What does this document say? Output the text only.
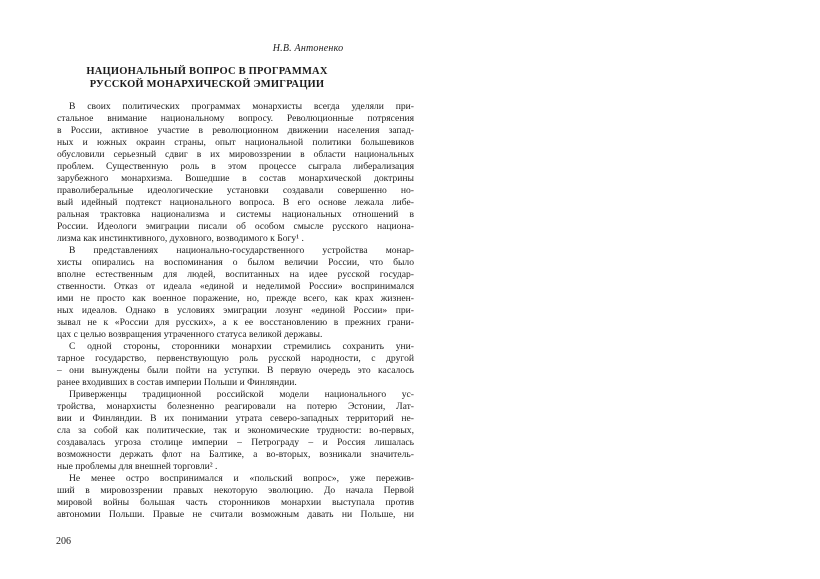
Н.В. Антоненко
НАЦИОНАЛЬНЫЙ ВОПРОС В ПРОГРАММАХ
РУССКОЙ МОНАРХИЧЕСКОЙ ЭМИГРАЦИИ
В своих политических программах монархисты всегда уделяли при-
стальное внимание национальному вопросу. Революционные потрясения
в России, активное участие в революционном движении населения запад-
ных и южных окраин страны, опыт национальной политики большевиков
обусловили серьезный сдвиг в их мировоззрении в области национальных
проблем. Существенную роль в этом процессе сыграла либерализация
зарубежного монархизма. Вошедшие в состав монархической доктрины
праволиберальные идеологические установки создавали совершенно но-
вый идейный подтекст национального вопроса. В его основе лежала либе-
ральная трактовка национализма и системы национальных отношений в
России. Идеологи эмиграции писали об особом смысле русского национа-
лизма как инстинктивного, духовного, возводимого к Богу¹ .
В представлениях национально-государственного устройства монар-
хисты опирались на воспоминания о былом величии России, что было
вполне естественным для людей, воспитанных на идее русской государ-
ственности. Отказ от идеала «единой и неделимой России» воспринимался
ими не просто как военное поражение, но, прежде всего, как крах жизнен-
ных идеалов. Однако в условиях эмиграции лозунг «единой России» при-
зывал не к «России для русских», а к ее восстановлению в прежних грани-
цах с целью возвращения утраченного статуса великой державы.
С одной стороны, сторонники монархии стремились сохранить уни-
тарное государство, первенствующую роль русской народности, с другой
– они вынуждены были пойти на уступки. В первую очередь это касалось
ранее входивших в состав империи Польши и Финляндии.
Приверженцы традиционной российской модели национального ус-
тройства, монархисты болезненно реагировали на потерю Эстонии, Лат-
вии и Финляндии. В их понимании утрата северо-западных территорий не-
сла за собой как политические, так и экономические трудности: во-первых,
создавалась угроза столице империи – Петрограду – и Россия лишалась
возможности держать флот на Балтике, а во-вторых, возникали значитель-
ные проблемы для внешней торговли² .
Не менее остро воспринимался и «польский вопрос», уже пережив-
ший в мировоззрении правых некоторую эволюцию. До начала Первой
мировой войны большая часть сторонников монархии выступала против
автономии Польши. Правые не считали возможным давать ни Польше, ни
206
